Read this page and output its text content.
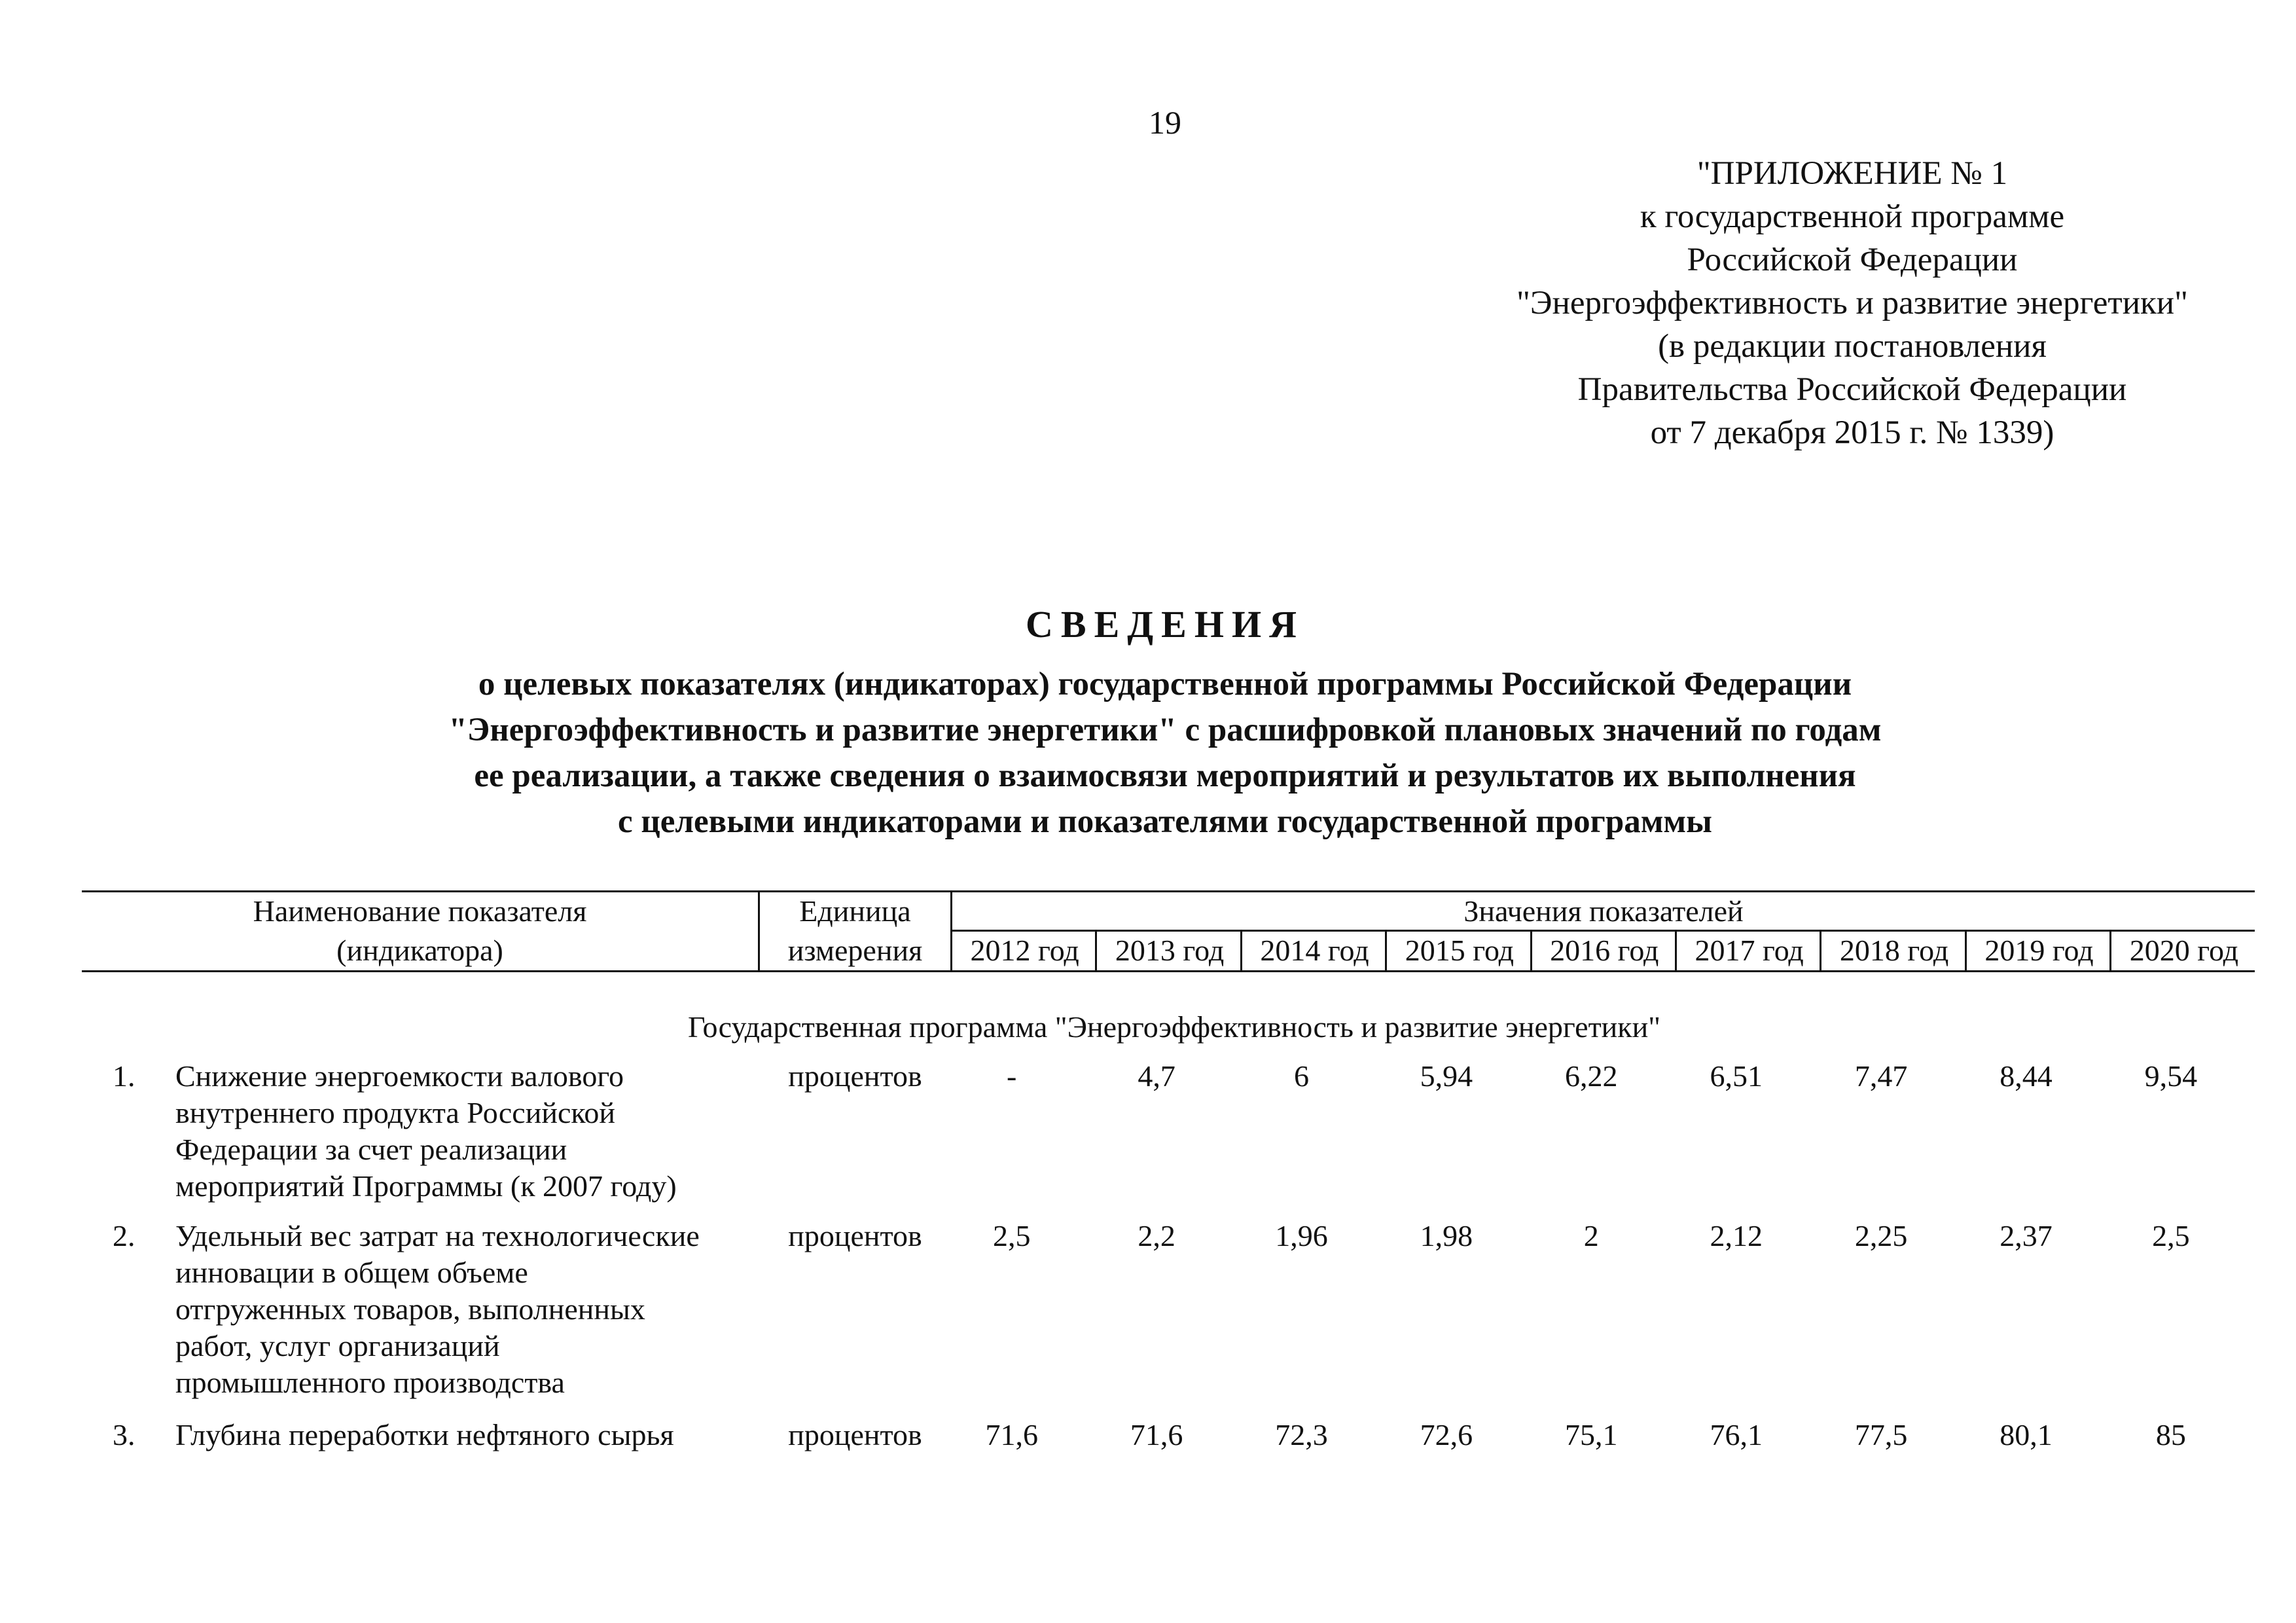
19
"ПРИЛОЖЕНИЕ № 1
к государственной программе
Российской Федерации
"Энергоэффективность и развитие энергетики"
(в редакции постановления
Правительства Российской Федерации
от 7 декабря 2015 г. № 1339)
СВЕДЕНИЯ
о целевых показателях (индикаторах) государственной программы Российской Федерации
"Энергоэффективность и развитие энергетики" с расшифровкой плановых значений по годам
ее реализации, а также сведения о взаимосвязи мероприятий и результатов их выполнения
с целевыми индикаторами и показателями государственной программы
Наименование показателя
(индикатора)
Единица
измерения
Значения показателей
2012 год	2013 год	2014 год	2015 год	2016 год	2017 год	2018 год	2019 год	2020 год
Государственная программа "Энергоэффективность и развитие энергетики"
1. Снижение энергоемкости валового
внутреннего продукта Российской
Федерации за счет реализации
мероприятий Программы (к 2007 году)
процентов	-	4,7	6	5,94	6,22	6,51	7,47	8,44	9,54
2. Удельный вес затрат на технологические
инновации в общем объеме
отгруженных товаров, выполненных
работ, услуг организаций
промышленного производства
процентов	2,5	2,2	1,96	1,98	2	2,12	2,25	2,37	2,5
3. Глубина переработки нефтяного сырья	процентов	71,6	71,6	72,3	72,6	75,1	76,1	77,5	80,1	85
